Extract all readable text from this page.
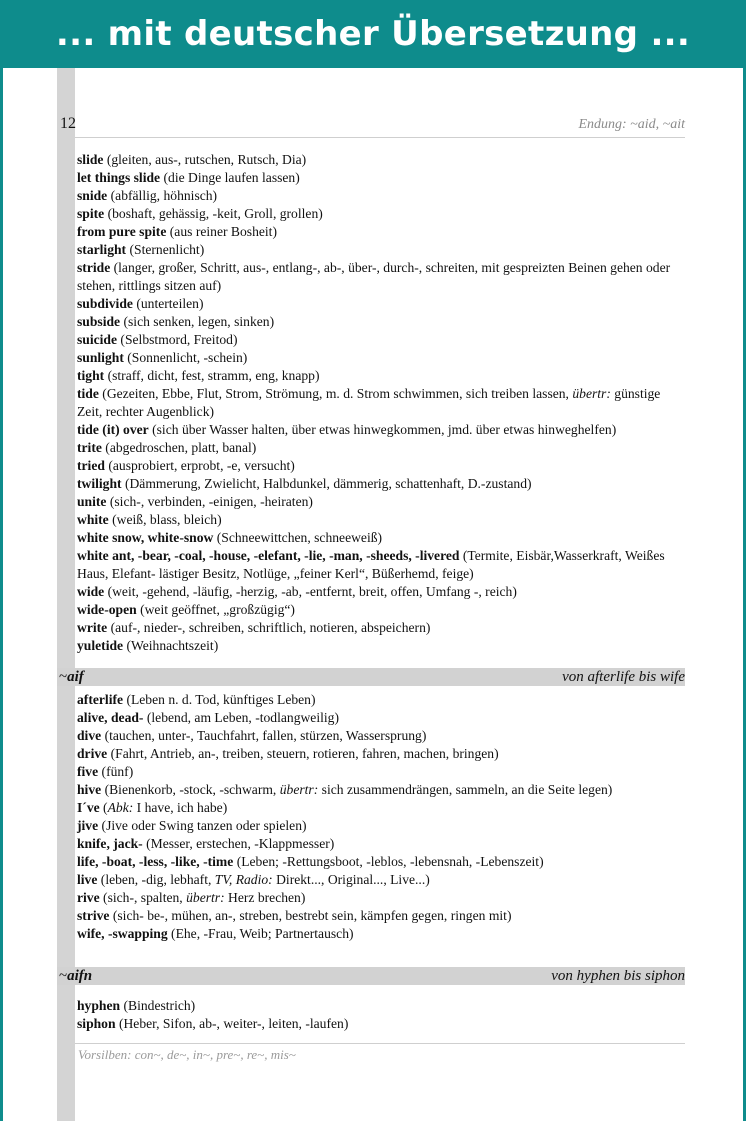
... mit deutscher Übersetzung ...
12	Endung: ~aid, ~ait
slide (gleiten, aus-, rutschen, Rutsch, Dia)
let things slide (die Dinge laufen lassen)
snide (abfällig, höhnisch)
spite (boshaft, gehässig, -keit, Groll, grollen)
from pure spite (aus reiner Bosheit)
starlight (Sternenlicht)
stride (langer, großer, Schritt, aus-, entlang-, ab-, über-, durch-, schreiten, mit gespreizten Beinen gehen oder stehen, rittlings sitzen auf)
subdivide (unterteilen)
subside (sich senken, legen, sinken)
suicide (Selbstmord, Freitod)
sunlight (Sonnenlicht, -schein)
tight (straff, dicht, fest, stramm, eng, knapp)
tide (Gezeiten, Ebbe, Flut, Strom, Strömung, m. d. Strom schwimmen, sich treiben lassen, übertr: günstige Zeit, rechter Augenblick)
tide (it) over (sich über Wasser halten, über etwas hinwegkommen, jmd. über etwas hinweghelfen)
trite (abgedroschen, platt, banal)
tried (ausprobiert, erprobt, -e, versucht)
twilight (Dämmerung, Zwielicht, Halbdunkel, dämmerig, schattenhaft, D.-zustand)
unite (sich-, verbinden, -einigen, -heiraten)
white (weiß, blass, bleich)
white snow, white-snow (Schneewittchen, schneeweiß)
white ant, -bear, -coal, -house, -elefant, -lie, -man, -sheeds, -livered (Termite, Eisbär,Wasserkraft, Weißes Haus, Elefant- lästiger Besitz, Notlüge, „feiner Kerl“, Büßerhemd, feige)
wide (weit, -gehend, -läufig, -herzig, -ab, -entfernt, breit, offen, Umfang -, reich)
wide-open (weit geöffnet, „großzügig“)
write (auf-, nieder-, schreiben, schriftlich, notieren, abspeichern)
yuletide (Weihnachtszeit)
~aif	von afterlife bis wife
afterlife (Leben n. d. Tod, künftiges Leben)
alive, dead- (lebend, am Leben, -todlangweilig)
dive (tauchen, unter-, Tauchfahrt, fallen, stürzen, Wassersprung)
drive (Fahrt, Antrieb, an-, treiben, steuern, rotieren, fahren, machen, bringen)
five (fünf)
hive (Bienenkorb, -stock, -schwarm, übertr: sich zusammendrängen, sammeln, an die Seite legen)
I´ve (Abk: I have, ich habe)
jive (Jive oder Swing tanzen oder spielen)
knife, jack- (Messer, erstechen, -Klappmesser)
life, -boat, -less, -like, -time (Leben; -Rettungsboot, -leblos, -lebensnah, -Lebenszeit)
live (leben, -dig, lebhaft, TV, Radio: Direkt..., Original..., Live...)
rive (sich-, spalten, übertr: Herz brechen)
strive (sich- be-, mühen, an-, streben, bestrebt sein, kämpfen gegen, ringen mit)
wife, -swapping (Ehe, -Frau, Weib; Partnertausch)
~aifn	von hyphen bis siphon
hyphen (Bindestrich)
siphon (Heber, Sifon, ab-, weiter-, leiten, -laufen)
Vorsilben: con~, de~, in~, pre~, re~, mis~
